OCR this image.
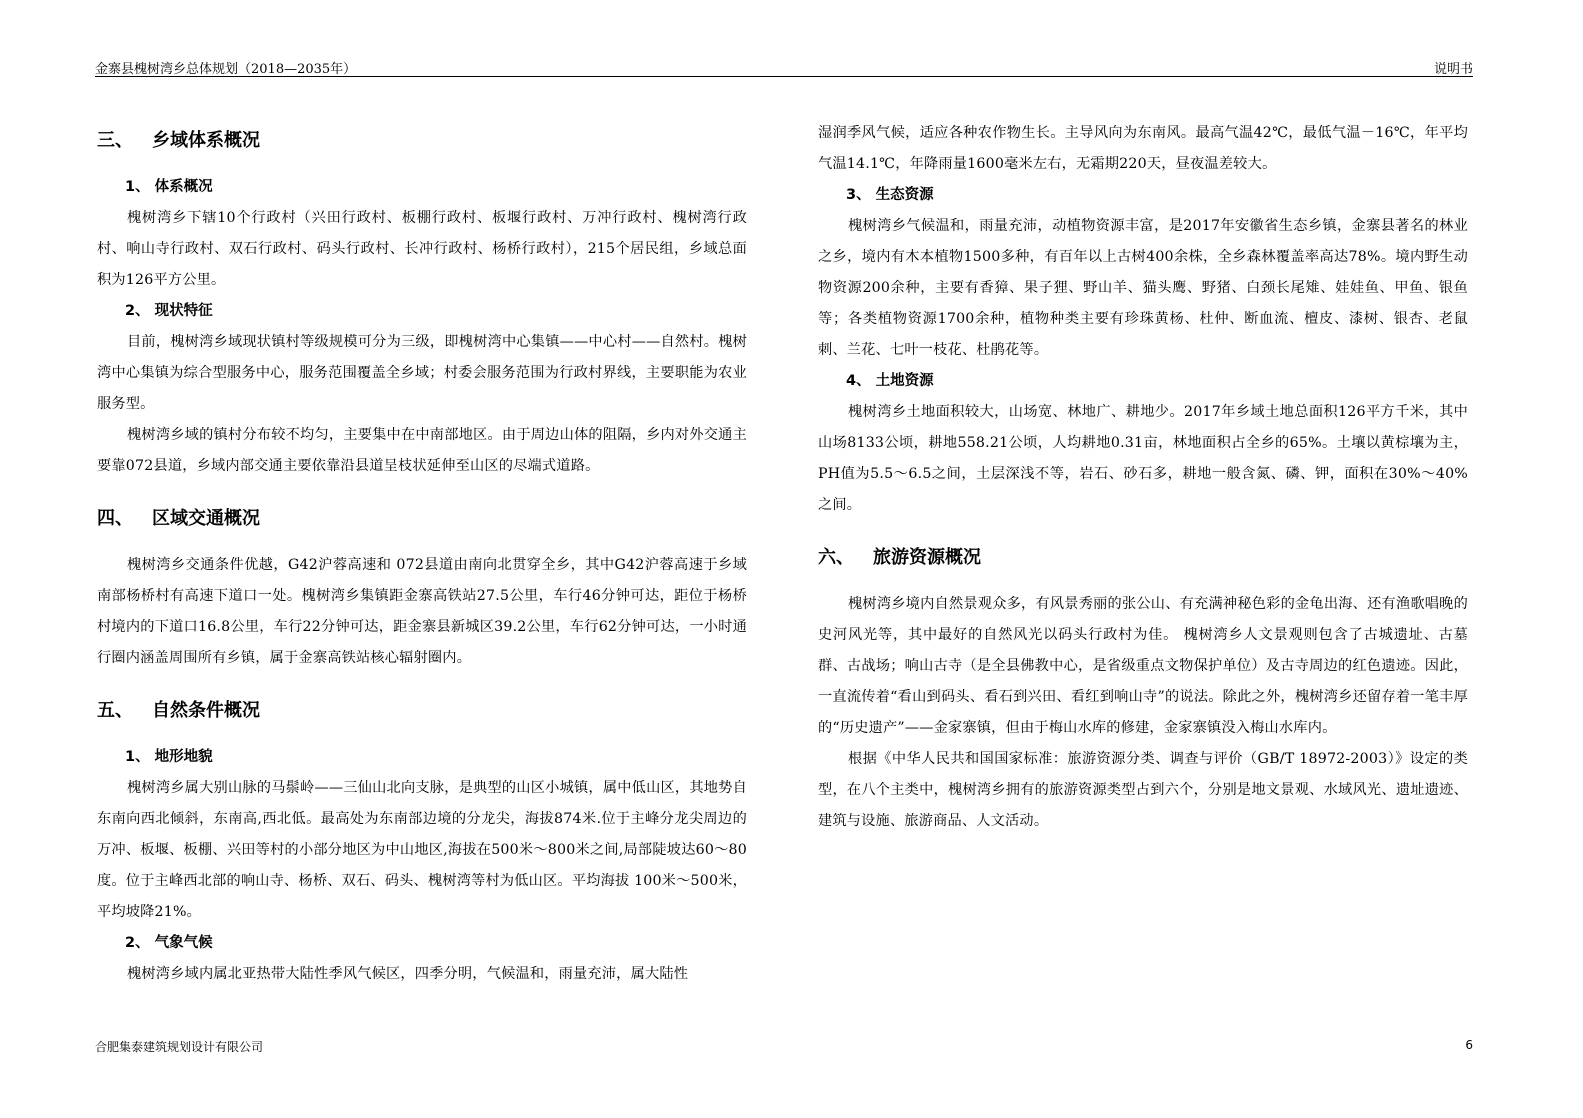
金寨县槐树湾乡总体规划（2018—2035年）	说明书
三、 乡域体系概况
1、 体系概况
槐树湾乡下辖10个行政村（兴田行政村、板棚行政村、板堰行政村、万冲行政村、槐树湾行政村、响山寺行政村、双石行政村、码头行政村、长冲行政村、杨桥行政村），215个居民组，乡域总面积为126平方公里。
2、 现状特征
目前，槐树湾乡域现状镇村等级规模可分为三级，即槐树湾中心集镇——中心村——自然村。槐树湾中心集镇为综合型服务中心，服务范围覆盖全乡域；村委会服务范围为行政村界线，主要职能为农业服务型。
槐树湾乡域的镇村分布较不均匀，主要集中在中南部地区。由于周边山体的阻隔，乡内对外交通主要靠072县道，乡域内部交通主要依靠沿县道呈枝状延伸至山区的尽端式道路。
四、 区域交通概况
槐树湾乡交通条件优越，G42沪蓉高速和 072县道由南向北贯穿全乡，其中G42沪蓉高速于乡域南部杨桥村有高速下道口一处。槐树湾乡集镇距金寨高铁站27.5公里，车行46分钟可达，距位于杨桥村境内的下道口16.8公里，车行22分钟可达，距金寨县新城区39.2公里，车行62分钟可达，一小时通行圈内涵盖周围所有乡镇，属于金寨高铁站核心辐射圈内。
五、 自然条件概况
1、 地形地貌
槐树湾乡属大别山脉的马鬃岭——三仙山北向支脉，是典型的山区小城镇，属中低山区，其地势自东南向西北倾斜，东南高,西北低。最高处为东南部边境的分龙尖，海拔874米.位于主峰分龙尖周边的万冲、板堰、板棚、兴田等村的小部分地区为中山地区,海拔在500米～800米之间,局部陡坡达60～80度。位于主峰西北部的响山寺、杨桥、双石、码头、槐树湾等村为低山区。平均海拔 100米～500米，平均坡降21%。
2、 气象气候
槐树湾乡域内属北亚热带大陆性季风气候区，四季分明，气候温和，雨量充沛，属大陆性
湿润季风气候，适应各种农作物生长。主导风向为东南风。最高气温42℃，最低气温－16℃，年平均气温14.1℃，年降雨量1600毫米左右，无霜期220天，昼夜温差较大。
3、 生态资源
槐树湾乡气候温和，雨量充沛，动植物资源丰富，是2017年安徽省生态乡镇，金寨县著名的林业之乡，境内有木本植物1500多种，有百年以上古树400余株，全乡森林覆盖率高达78%。境内野生动物资源200余种，主要有香獐、果子狸、野山羊、猫头鹰、野猪、白颈长尾雉、娃娃鱼、甲鱼、银鱼等；各类植物资源1700余种，植物种类主要有珍珠黄杨、杜仲、断血流、檀皮、漆树、银杏、老鼠刺、兰花、七叶一枝花、杜鹃花等。
4、 土地资源
槐树湾乡土地面积较大，山场宽、林地广、耕地少。2017年乡域土地总面积126平方千米，其中山场8133公顷，耕地558.21公顷，人均耕地0.31亩，林地面积占全乡的65%。土壤以黄棕壤为主，PH值为5.5～6.5之间，土层深浅不等，岩石、砂石多，耕地一般含氮、磷、钾，面积在30%～40%之间。
六、 旅游资源概况
槐树湾乡境内自然景观众多，有风景秀丽的张公山、有充满神秘色彩的金龟出海、还有渔歌唱晚的史河风光等，其中最好的自然风光以码头行政村为佳。 槐树湾乡人文景观则包含了古城遗址、古墓群、古战场；响山古寺（是全县佛教中心，是省级重点文物保护单位）及古寺周边的红色遗迹。因此，一直流传着“看山到码头、看石到兴田、看红到响山寺”的说法。除此之外，槐树湾乡还留存着一笔丰厚的“历史遗产”——金家寨镇，但由于梅山水库的修建，金家寨镇没入梅山水库内。
根据《中华人民共和国国家标准：旅游资源分类、调查与评价（GB/T 18972-2003）》设定的类型，在八个主类中，槐树湾乡拥有的旅游资源类型占到六个，分别是地文景观、水域风光、遗址遗迹、建筑与设施、旅游商品、人文活动。
合肥集泰建筑规划设计有限公司	6
